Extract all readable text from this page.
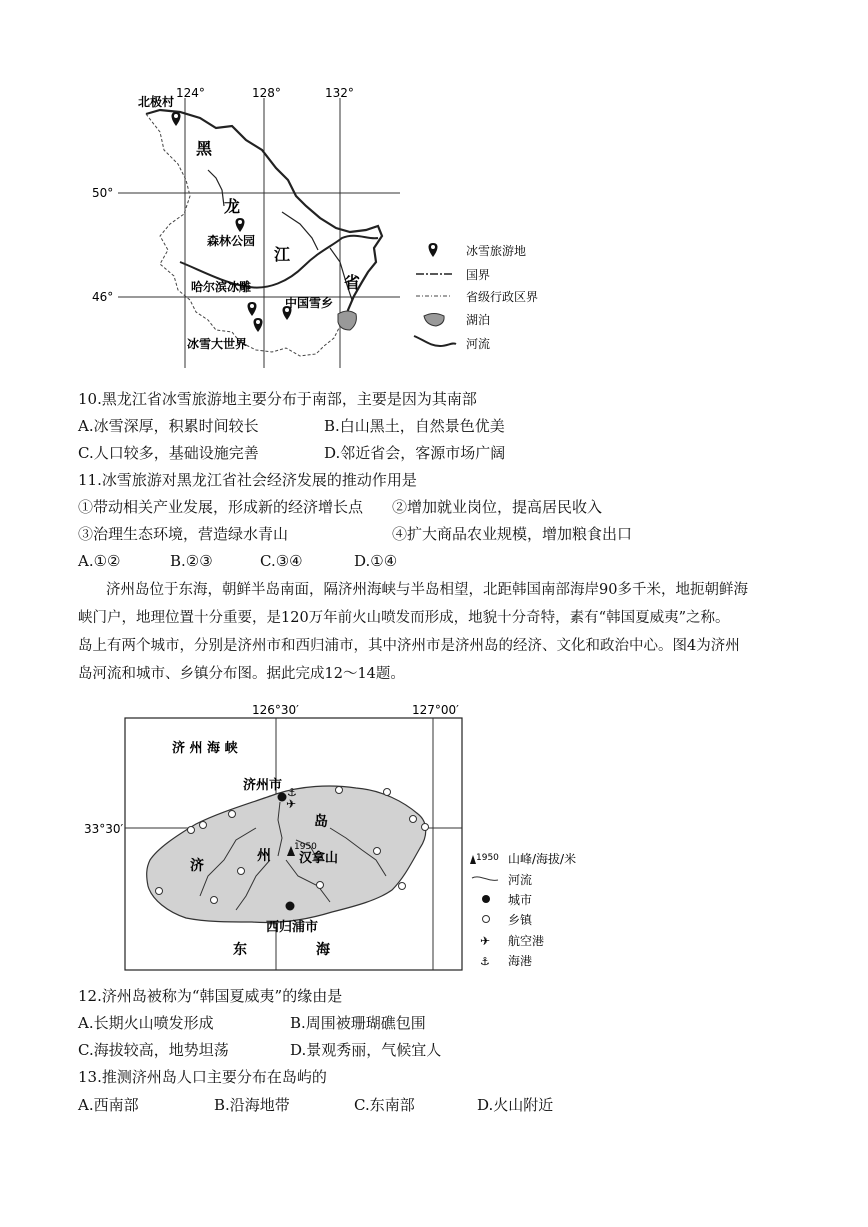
124°	128°	132°
50°
46°
黑
龙
江
省
北极村
森林公园
哈尔滨冰雕
中国雪乡
冰雪大世界
冰雪旅游地
国界
省级行政区界
湖泊
河流
10.黑龙江省冰雪旅游地主要分布于南部，主要是因为其南部
A.冰雪深厚，积累时间较长	B.白山黑土，自然景色优美
C.人口较多，基础设施完善	D.邻近省会，客源市场广阔
11.冰雪旅游对黑龙江省社会经济发展的推动作用是
①带动相关产业发展，形成新的经济增长点 ②增加就业岗位，提高居民收入
③治理生态环境，营造绿水青山	④扩大商品农业规模，增加粮食出口
A.①②	B.②③	C.③④	D.①④
济州岛位于东海，朝鲜半岛南面，隔济州海峡与半岛相望，北距韩国南部海岸90多千米，地扼朝鲜海
峡门户，地理位置十分重要，是120万年前火山喷发而形成，地貌十分奇特，素有“韩国夏威夷”之称。
岛上有两个城市，分别是济州市和西归浦市，其中济州市是济州岛的经济、文化和政治中心。图4为济州
岛河流和城市、乡镇分布图。据此完成12～14题。
126°30′	127°00′
33°30′
✈
⚓
1950
汉拿山
济 州 海 峡
济州市
西归浦市
济
州
岛
东	海
1950 山峰/海拔/米
河流
城市
乡镇
✈ 航空港
⚓ 海港
12.济州岛被称为“韩国夏威夷”的缘由是
A.长期火山喷发形成	B.周围被珊瑚礁包围
C.海拔较高，地势坦荡	D.景观秀丽，气候宜人
13.推测济州岛人口主要分布在岛屿的
A.西南部	B.沿海地带	C.东南部	D.火山附近
